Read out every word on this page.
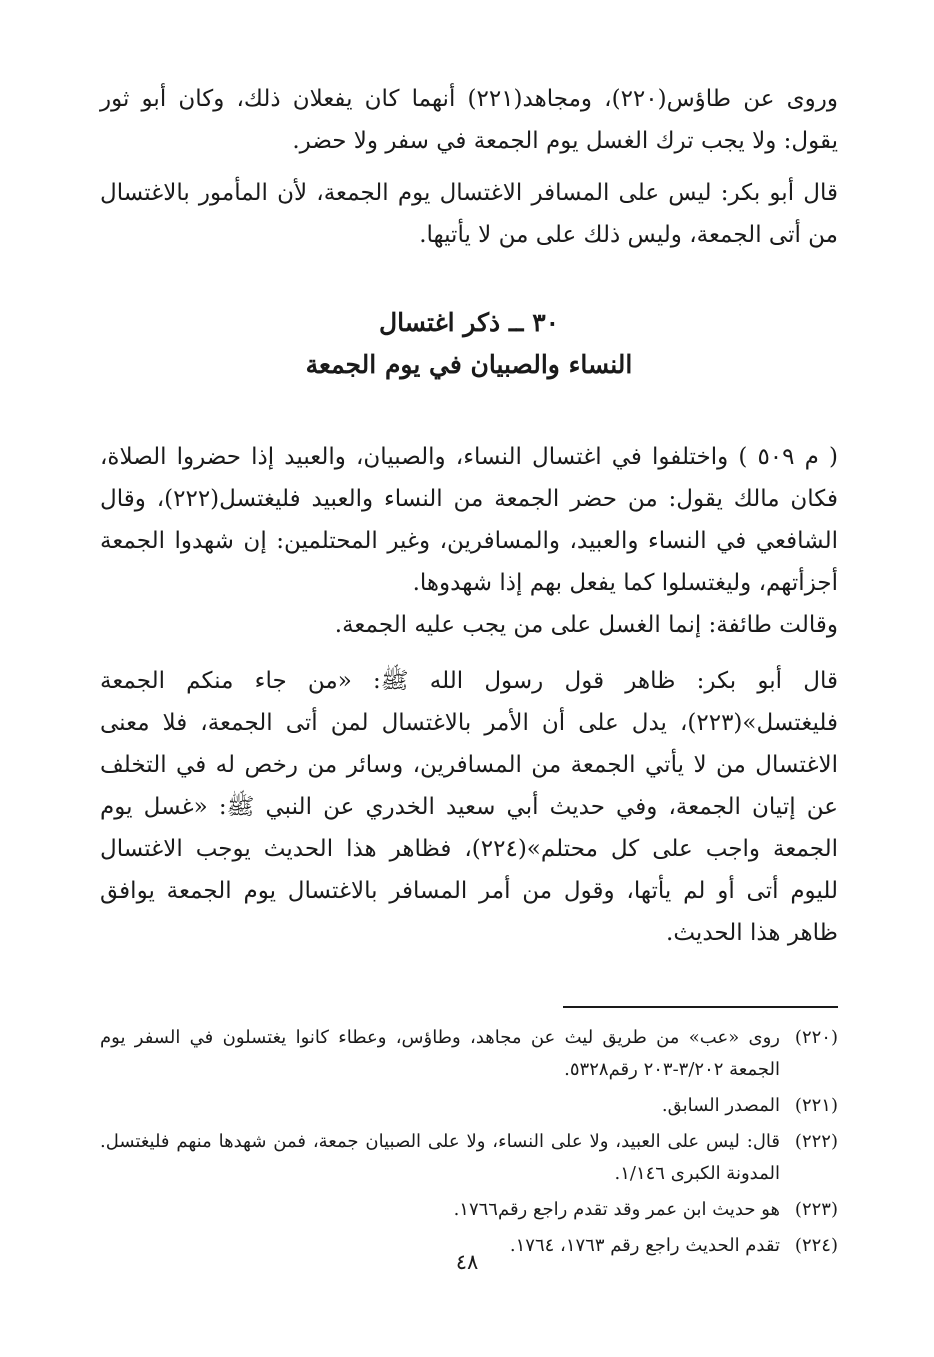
وروى عن طاؤس(٢٢٠)، ومجاهد(٢٢١) أنهما كان يفعلان ذلك، وكان أبو ثور يقول: ولا يجب ترك الغسل يوم الجمعة في سفر ولا حضر.

قال أبو بكر: ليس على المسافر الاغتسال يوم الجمعة، لأن المأمور بالاغتسال من أتى الجمعة، وليس ذلك على من لا يأتيها.

٣٠ ــ ذكر اغتسال
النساء والصبيان في يوم الجمعة

( م ٥٠٩ ) واختلفوا في اغتسال النساء، والصبيان، والعبيد إذا حضروا الصلاة، فكان مالك يقول: من حضر الجمعة من النساء والعبيد فليغتسل(٢٢٢)، وقال الشافعي في النساء والعبيد، والمسافرين، وغير المحتلمين: إن شهدوا الجمعة أجزأتهم، وليغتسلوا كما يفعل بهم إذا شهدوها.

وقالت طائفة: إنما الغسل على من يجب عليه الجمعة.

قال أبو بكر: ظاهر قول رسول الله ﷺ: «من جاء منكم الجمعة فليغتسل»(٢٢٣)، يدل على أن الأمر بالاغتسال لمن أتى الجمعة، فلا معنى الاغتسال من لا يأتي الجمعة من المسافرين، وسائر من رخص له في التخلف عن إتيان الجمعة، وفي حديث أبي سعيد الخدري عن النبي ﷺ: «غسل يوم الجمعة واجب على كل محتلم»(٢٢٤)، فظاهر هذا الحديث يوجب الاغتسال لليوم أتى أو لم يأتها، وقول من أمر المسافر بالاغتسال يوم الجمعة يوافق ظاهر هذا الحديث.

(٢٢٠)
روى «عب» من طريق ليث عن مجاهد، وطاؤس، وعطاء كانوا يغتسلون في السفر يوم الجمعة ٣/٢٠٢-٢٠٣ رقم٥٣٢٨.
(٢٢١)
المصدر السابق.
(٢٢٢)
قال: ليس على العبيد، ولا على النساء، ولا على الصبيان جمعة، فمن شهدها منهم فليغتسل. المدونة الكبرى ١/١٤٦.
(٢٢٣)
هو حديث ابن عمر وقد تقدم راجع رقم١٧٦٦.
(٢٢٤)
تقدم الحديث راجع رقم ١٧٦٣، ١٧٦٤.
٤٨
